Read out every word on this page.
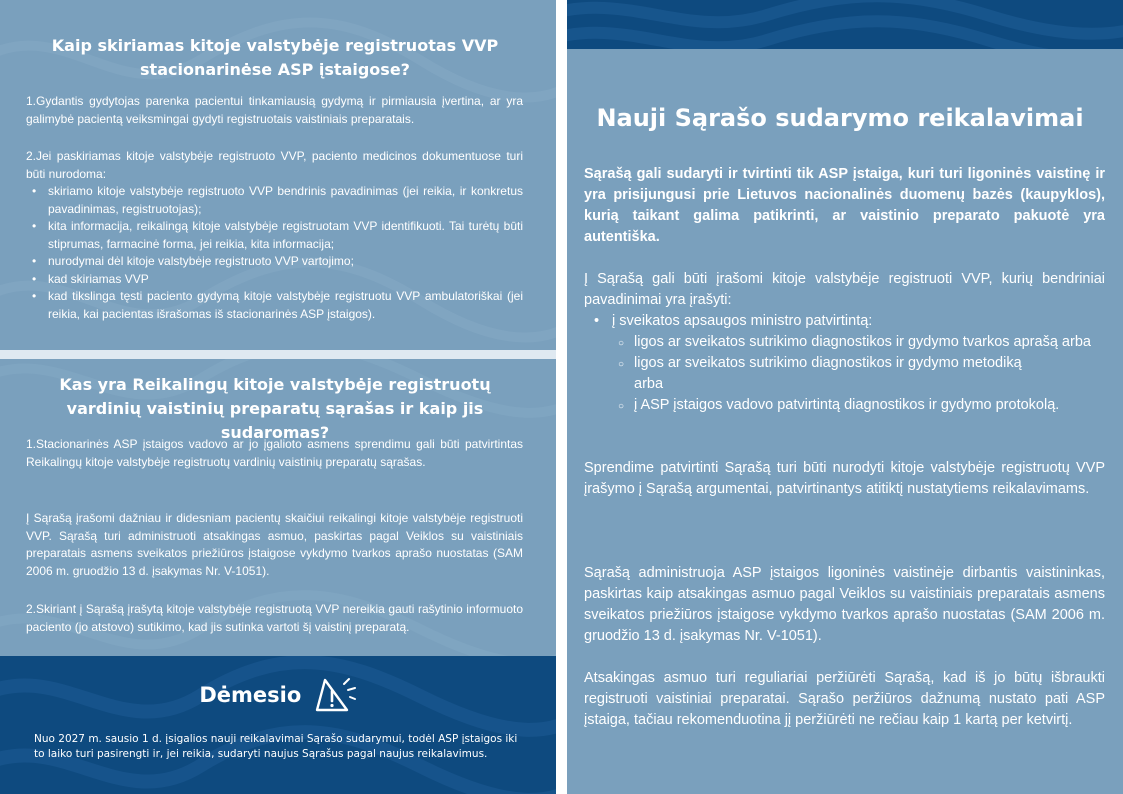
Kaip skiriamas kitoje valstybėje registruotas VVP stacionarinėse ASP įstaigose?
1.Gydantis gydytojas parenka pacientui tinkamiausią gydymą ir pirmiausia įvertina, ar yra galimybė pacientą veiksmingai gydyti registruotais vaistiniais preparatais.
2.Jei paskiriamas kitoje valstybėje registruoto VVP, paciento medicinos dokumentuose turi būti nurodoma:
• skiriamo kitoje valstybėje registruoto VVP bendrinis pavadinimas (jei reikia, ir konkretus pavadinimas, registruotojas);
• kita informacija, reikalingą kitoje valstybėje registruotam VVP identifikuoti. Tai turėtų būti stiprumas, farmacinė forma, jei reikia, kita informacija;
• nurodymai dėl kitoje valstybėje registruoto VVP vartojimo;
• kad skiriamas VVP
• kad tikslinga tęsti paciento gydymą kitoje valstybėje registruotu VVP ambulatoriškai (jei reikia, kai pacientas išrašomas iš stacionarinės ASP įstaigos).
Kas yra Reikalingų kitoje valstybėje registruotų vardinių vaistinių preparatų sąrašas ir kaip jis sudaromas?
1.Stacionarinės ASP įstaigos vadovo ar jo įgalioto asmens sprendimu gali būti patvirtintas Reikalingų kitoje valstybėje registruotų vardinių vaistinių preparatų sąrašas.
Į Sąrašą įrašomi dažniau ir didesniam pacientų skaičiui reikalingi kitoje valstybėje registruoti VVP. Sąrašą turi administruoti atsakingas asmuo, paskirtas pagal Veiklos su vaistiniais preparatais asmens sveikatos priežiūros įstaigose vykdymo tvarkos aprašo nuostatas (SAM 2006 m. gruodžio 13 d. įsakymas Nr. V-1051).
2.Skiriant į Sąrašą įrašytą kitoje valstybėje registruotą VVP nereikia gauti rašytinio informuoto paciento (jo atstovo) sutikimo, kad jis sutinka vartoti šį vaistinį preparatą.
Dėmesio
Nuo 2027 m. sausio 1 d. įsigalios nauji reikalavimai Sąrašo sudarymui, todėl ASP įstaigos iki to laiko turi pasirengti ir, jei reikia, sudaryti naujus Sąrašus pagal naujus reikalavimus.
Nauji Sąrašo sudarymo reikalavimai
Sąrašą gali sudaryti ir tvirtinti tik ASP įstaiga, kuri turi ligoninės vaistinę ir yra prisijungusi prie Lietuvos nacionalinės duomenų bazės (kaupyklos), kurią taikant galima patikrinti, ar vaistinio preparato pakuotė yra autentiška.
Į Sąrašą gali būti įrašomi kitoje valstybėje registruoti VVP, kurių bendriniai pavadinimai yra įrašyti:
• į sveikatos apsaugos ministro patvirtintą:
○ ligos ar sveikatos sutrikimo diagnostikos ir gydymo tvarkos aprašą arba
○ ligos ar sveikatos sutrikimo diagnostikos ir gydymo metodiką
arba
○ į ASP įstaigos vadovo patvirtintą diagnostikos ir gydymo protokolą.
Sprendime patvirtinti Sąrašą turi būti nurodyti kitoje valstybėje registruotų VVP įrašymo į Sąrašą argumentai, patvirtinantys atitiktį nustatytiems reikalavimams.
Sąrašą administruoja ASP įstaigos ligoninės vaistinėje dirbantis vaistininkas, paskirtas kaip atsakingas asmuo pagal Veiklos su vaistiniais preparatais asmens sveikatos priežiūros įstaigose vykdymo tvarkos aprašo nuostatas (SAM 2006 m. gruodžio 13 d. įsakymas Nr. V-1051).
Atsakingas asmuo turi reguliariai peržiūrėti Sąrašą, kad iš jo būtų išbraukti registruoti vaistiniai preparatai. Sąrašo peržiūros dažnumą nustato pati ASP įstaiga, tačiau rekomenduotina jį peržiūrėti ne rečiau kaip 1 kartą per ketvirtį.
